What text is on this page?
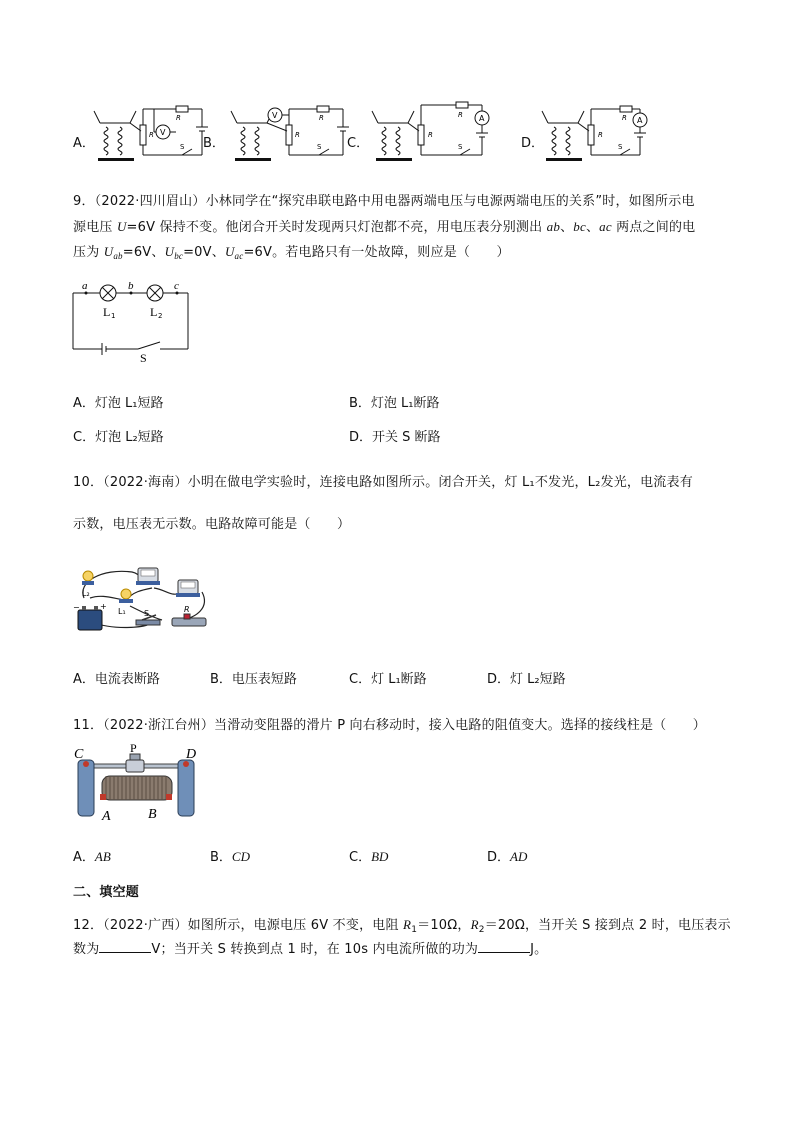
A．
V
R
R
S B．
V	R
R
S C．
R
R
A
S	D．
R
R
A
S
9．（2022·四川眉山）小林同学在“探究串联电路中用电器两端电压与电源两端电压的关系”时，如图所示电
源电压 U=6V 保持不变。他闭合开关时发现两只灯泡都不亮，用电压表分别测出 ab、bc、ac 两点之间的电
压为 $U_{ab}=6V$、$U_{bc}=0V$、$U_{ac}=6V$。若电路只有一处故障，则应是（　　）
a	b	c
L 1	L 2
S
A．灯泡 L₁短路	B．灯泡 L₁断路
C．灯泡 L₂短路	D．开关 S 断路
10．（2022·海南）小明在做电学实验时，连接电路如图所示。闭合开关，灯 L₁不发光，L₂发光，电流表有
示数，电压表无示数。电路故障可能是（　　）
−	+
L₂
L₁ S	R
A．电流表断路	B．电压表短路	C．灯 L₁断路	D．灯 L₂短路
11．（2022·浙江台州）当滑动变阻器的滑片 P 向右移动时，接入电路的阻值变大。选择的接线柱是（　　）
C	P	D
A	B
A．AB	B．CD	C．BD	D．AD
二、填空题
12．（2022·广西）如图所示，电源电压 6V 不变，电阻 $R_1=10\Omega$，$R_2=20\Omega$，当开关 S 接到点 2 时，电压表示
数为	V；当开关 S 转换到点 1 时，在 10s 内电流所做的功为	J。
